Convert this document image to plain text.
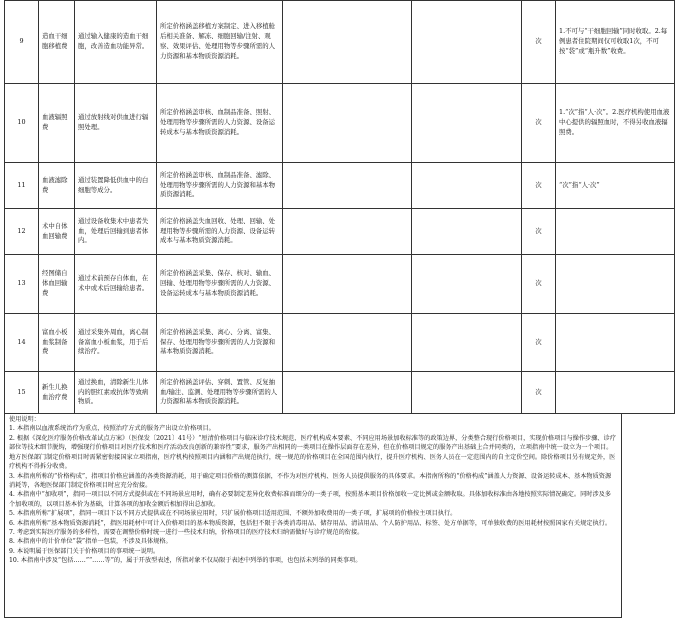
9	造血干细胞移植费	通过输入健康的造血干细胞，改善造血功能异常。	所定价格涵盖移植方案制定、进入移植舱后相关准备、解冻、细胞回输/注射、观察、效果评估、处理用物等步骤所需的人力资源和基本物质资源消耗。			次	1.不可与“干细胞回输”同时收取。2.每例患者住院期间仅可收取1次，不可按“袋”或“瓶升数”收费。
10	血液辐照费	通过放射线对供血进行辐照处理。	所定价格涵盖审核、血制品准备、照射、处理用物等步骤所需的人力资源、设备运转成本与基本物质资源消耗。			次	1.“次”指“人·次”。2.医疗机构使用血液中心提供的辐照血时，不得另收血液辐照费。
11	血液滤除费	通过装置降低供血中的白细胞等成分。	所定价格涵盖审核、血制品准备、滤除、处理用物等步骤所需的人力资源和基本物质资源消耗。			次	“次”指“人·次”
12	术中自体血回输费	通过设备收集术中患者失血，处理后回输到患者体内。	所定价格涵盖失血回收、处理、回输、处理用物等步骤所需的人力资源、设备运转成本与基本物质资源消耗。			次	
13	经图储自体血回输费	通过术前预存自体血，在术中或术后回输给患者。	所定价格涵盖采集、保存、核对、输血、回输、处理用物等步骤所需的人力资源、设备运转成本与基本物质资源消耗。			次	
14	富血小板血浆制备费	通过采集外周血，离心制备富血小板血浆，用于后续治疗。	所定价格涵盖采集、离心、分离、富集、保存、处理用物等步骤所需的人力资源和基本物质资源消耗。			次	
15	新生儿换血治疗费	通过换血，清除新生儿体内的胆红素或抗体等致病物质。	所定价格涵盖评估、穿刺、置管、反复抽血/输注、监测、处理用物等步骤所需的人力资源和基本物质资源消耗。			次	

使用说明：

1. 本指南以血液系统治疗为重点，按照治疗方式的服务产出设立价格项目。

2. 根据《深化医疗服务价格改革试点方案》（医保发〔2021〕41号）“厘清价格项目与临床诊疗技术规范、医疗机构成本要素、不同应用场景加收标准等的政策边界，分类整合现行价格项目，实现价格项目与操作步骤、诊疗部位等技术细节脱钩，增强现行价格项目对医疗技术和医疗活动改良创新的兼容性”要求，服务产出相同的一类项目在操作层面存在差异，但在价格项目规定的服务产出基础上合并同类的，立项指南中统一设立为一个项目。地方医保部门制定价格项目时需紧密衔接国家立项指南，医疗机构按照项目内涵和产出规范执行，统一规范的价格项目在全国范围内执行，提升医疗机构、医务人员在一定范围内的自主定价空间。除价格项目另有规定外，医疗机构不得拆分收费。

3. 本指南所称的“价格构成”，指项目价格应涵盖的各类资源消耗，用于确定项目价格的测算依据，不作为对医疗机构、医务人员提供服务的具体要求。本指南所称的“价格构成”涵盖人力资源、设备运转成本、基本物质资源消耗等，各地医保部门制定价格项目时应充分衔接。

4. 本指南中“加收项”，指同一项目以不同方式提供或在不同场景应用时，确有必要制定差异化收费标准而细分的一类子项，按照基本项目价格加收一定比例或金额收取。具体加收标准由各地按照实际情况确定。同时涉及多个加收项的，以项目基本价为基础，计算各项的加收金额后相加得出总加收。

5. 本指南所称“扩展项”，指同一项目下以不同方式提供或在不同场景应用时，只扩展价格项目适用范围、不额外加收费用的一类子项，扩展项的价格按主项目执行。

6. 本指南所称“基本物质资源消耗”，指医用耗材中可计入价格项目的基本物质资源，包括但不限于各类消毒用品、储存用品、清洁用品、个人防护用品、标签、处方单据等，可单独收费的医用耗材按照国家有关规定执行。

7. 考虑到实际医疗服务的多样性，需要在调整价格时统一进行一些技术归纳，价格项目的医疗技术归纳需做好与诊疗规范的衔接。

8. 本指南中的计价单位“袋”指单一包装，不涉及具体规格。

9. 本说明属于医保部门关于价格项目的事项统一说明。

10. 本指南中涉及“包括……”“……等”的，属于开放型表述，所指对象不仅局限于表述中列举的事项，也包括未列举的同类事项。
